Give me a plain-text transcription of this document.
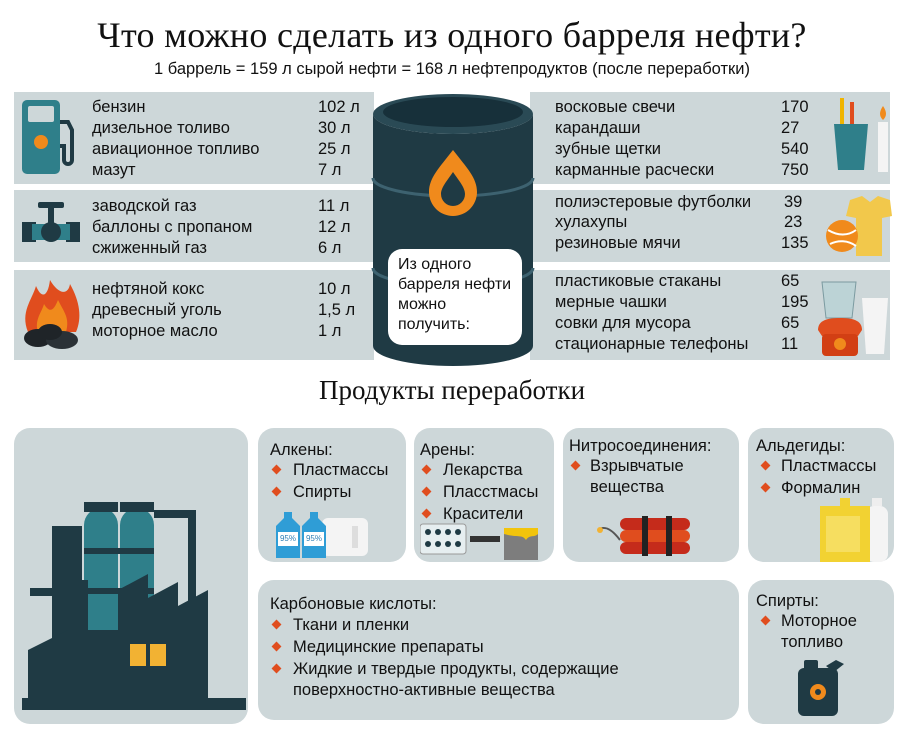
Что можно сделать из одного барреля нефти?
1 баррель = 159 л сырой нефти = 168 л нефтепродуктов (после переработки)
бензин	102 л
дизельное толиво	30 л
авиационное топливо	25 л
мазут	7 л
заводской газ	11 л
баллоны с пропаном	12 л
сжиженный газ	6 л
нефтяной кокс	10 л
древесный уголь	1,5 л
моторное масло	1 л
восковые свечи	170
карандаши	27
зубные щетки	540
карманные расчески	750
полиэстеровые футболки 39
хулахупы	23
резиновые мячи	135
пластиковые стаканы	65
мерные чашки	195
совки для мусора	65
стационарные телефоны 11
Из одного барреля нефти можно получить:
Продукты переработки
Алкены:
Пластмассы
Спирты
95% 95%
Арены:
Лекарства
Пласстмасы
Красители
Нитросоединения:
Взрывчатые вещества
Альдегиды:
Пластмассы
Формалин
Карбоновые кислоты:
Ткани и пленки
Медицинские препараты
Жидкие и твердые продукты, содержащие поверхностно-активные вещества
Спирты:
Моторное топливо
